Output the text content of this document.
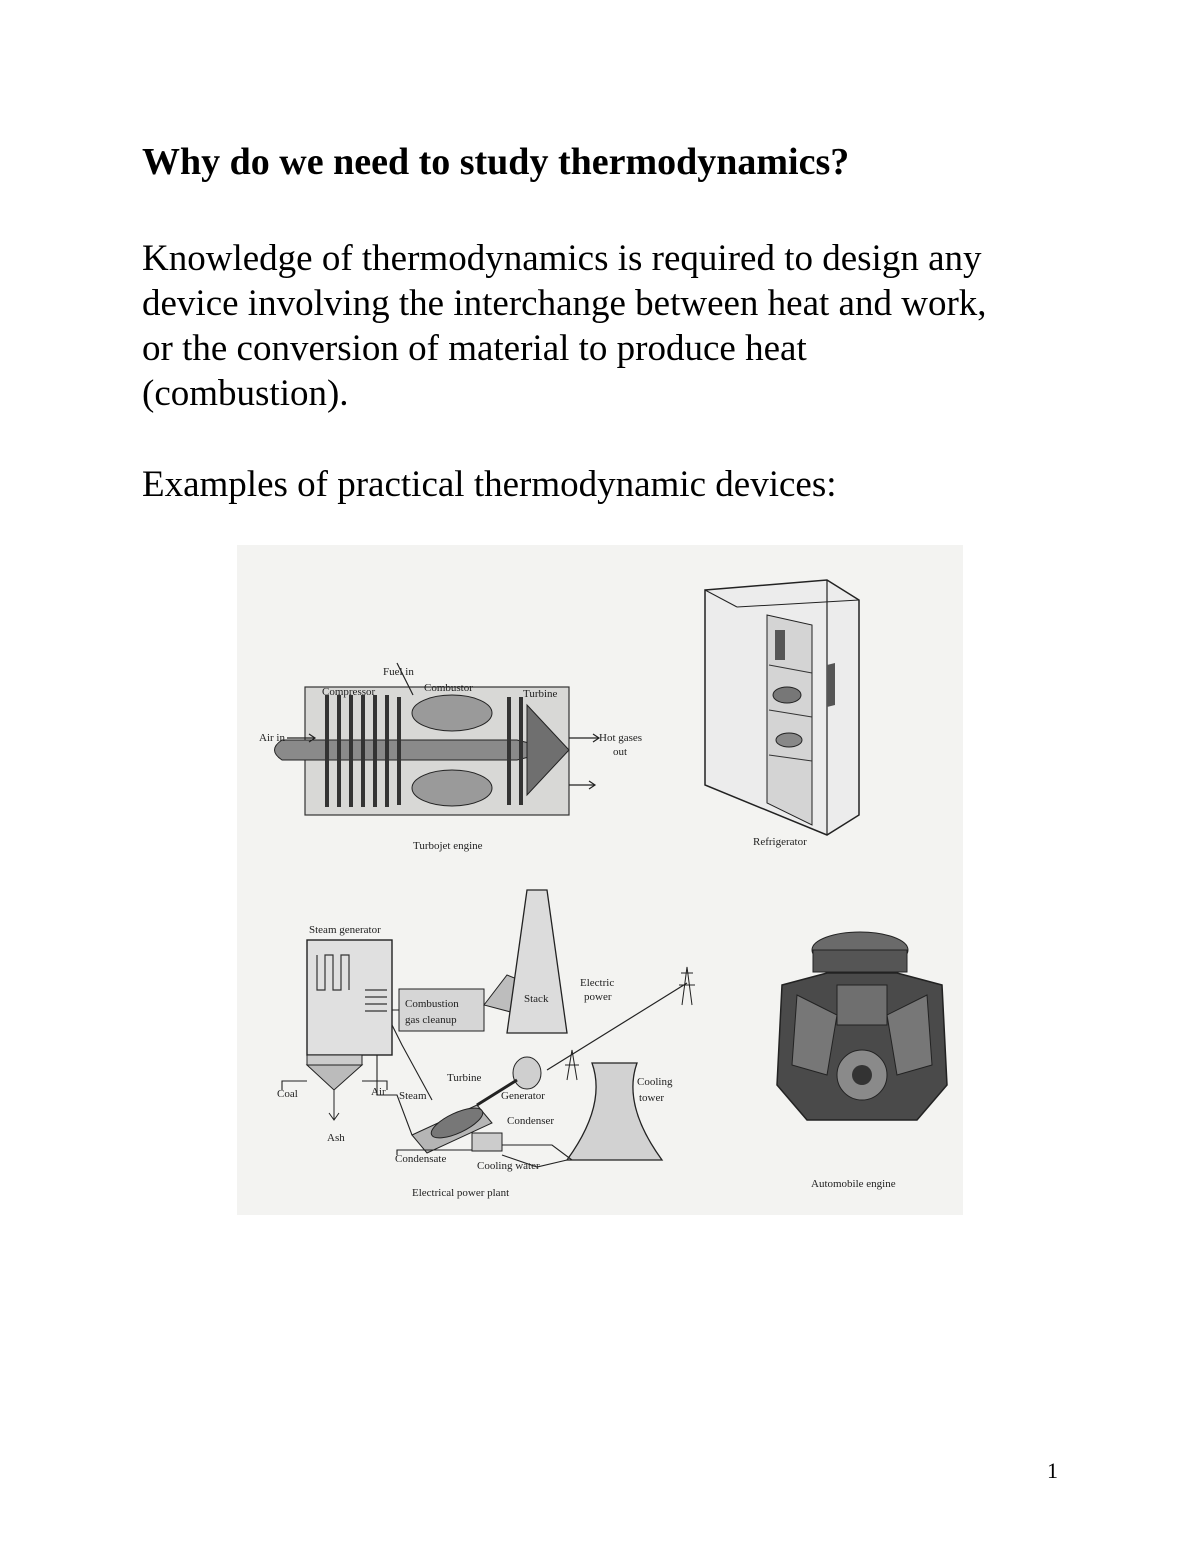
Why do we need to study thermodynamics?
Knowledge of thermodynamics is required to design any
device involving the interchange between heat and work,
or the conversion of material to produce heat
(combustion).

Examples of practical thermodynamic devices:

Fuel in
Compressor	Combustor	Turbine
Air in	Hot gases
out
Turbojet engine	Refrigerator
Steam generator
Combustion
gas cleanup
Stack
Electric
power
Coal	Air Steam
Turbine
Generator
Cooling
tower
Condenser
Ash
Condensate
Cooling water
Electrical power plant
Automobile engine
1
